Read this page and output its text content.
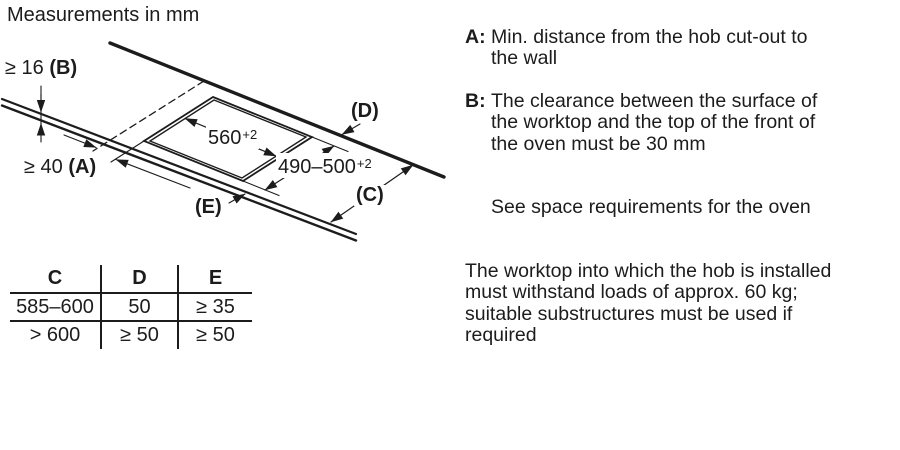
Measurements in mm
≥ 16 (B)
≥ 40 (A)
$560^{+2}$
$490-500^{+2}$
(D)
(C)
(E)
C	D	E
585–600	50	≥ 35
> 600	≥ 50	≥ 50
A: Min. distance from the hob cut-out to
the wall
B: The clearance between the surface of
the worktop and the top of the front of
the oven must be 30 mm
See space requirements for the oven
The worktop into which the hob is installed
must withstand loads of approx. 60 kg;
suitable substructures must be used if
required
